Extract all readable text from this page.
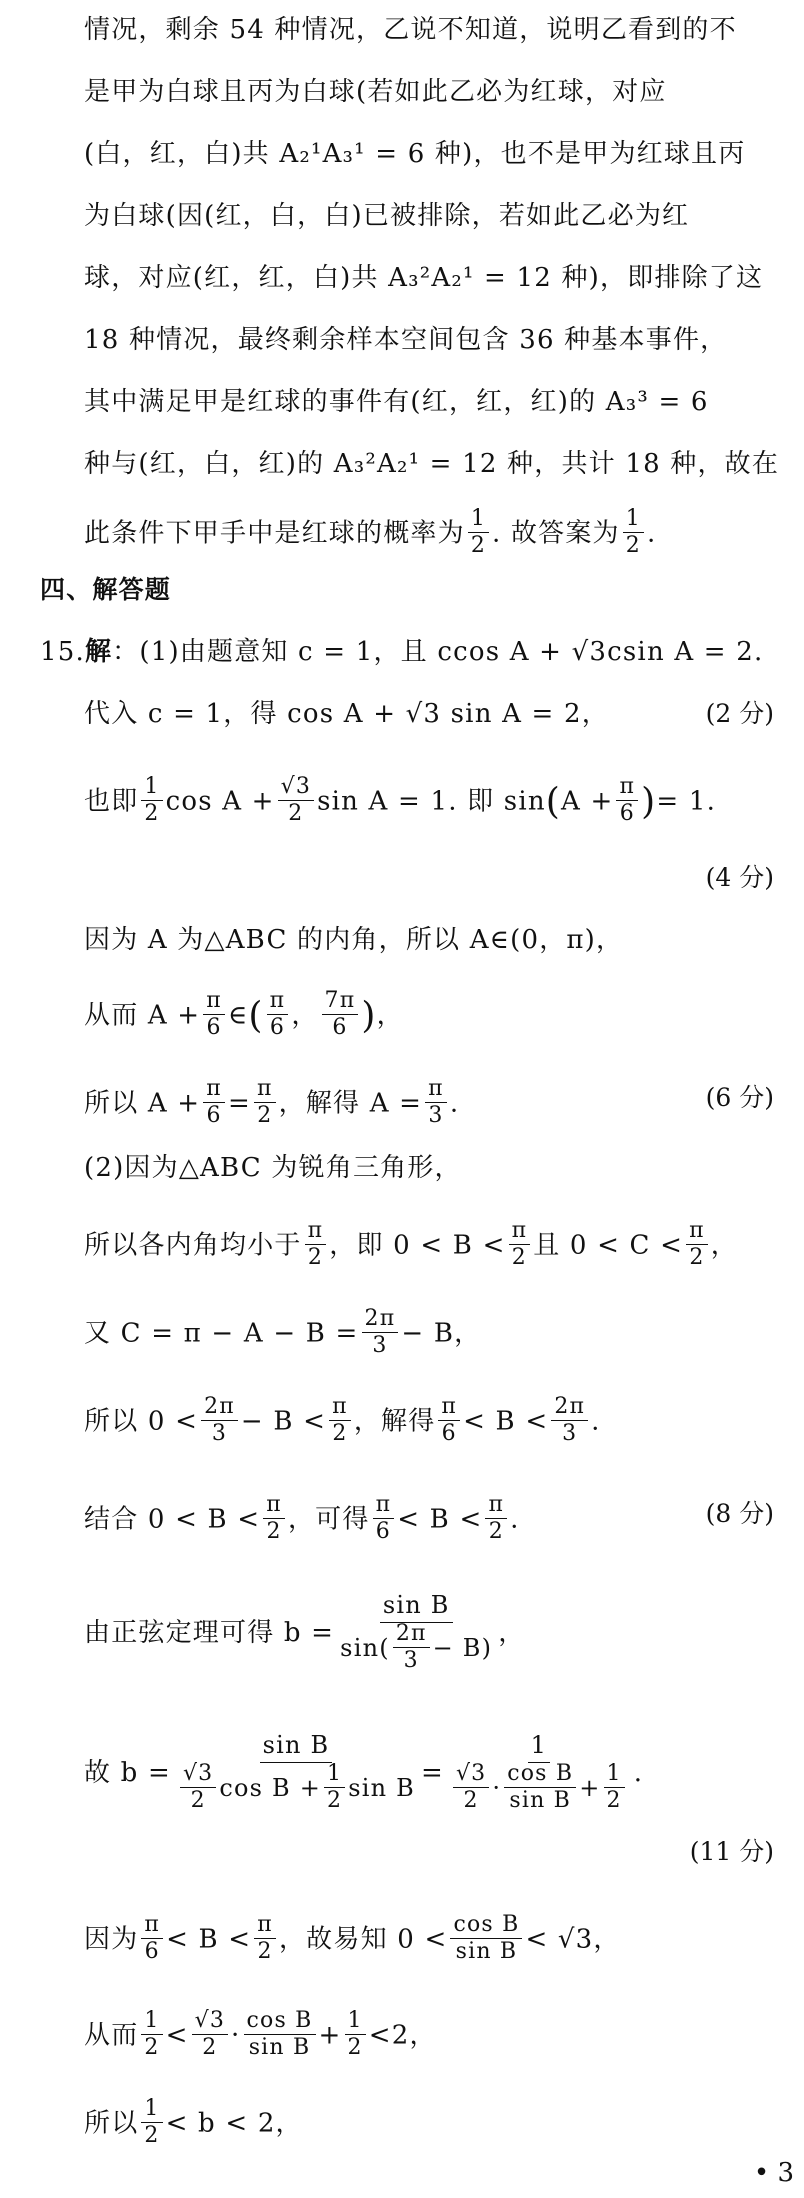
情况，剩余 54 种情况，乙说不知道，说明乙看到的不
是甲为白球且丙为白球(若如此乙必为红球，对应
(白，红，白)共 A₂¹A₃¹ = 6 种)，也不是甲为红球且丙
为白球(因(红，白，白)已被排除，若如此乙必为红
球，对应(红，红，白)共 A₃²A₂¹ = 12 种)，即排除了这
18 种情况，最终剩余样本空间包含 36 种基本事件，
其中满足甲是红球的事件有(红，红，红)的 A₃³ = 6
种与(红，白，红)的 A₃²A₂¹ = 12 种，共计 18 种，故在
此条件下甲手中是红球的概率为 $\frac{1}{2}$ . 故答案为 $\frac{1}{2}$ .
四、解答题
15.解：(1)由题意知 c = 1，且 ccos A + √3csin A = 2.
代入 c = 1，得 cos A + √3 sin A = 2，	(2 分)
也即 $\frac{1}{2}$ $\cos A + \frac{√3}{2}$ sin A = 1. 即 $\sin(A + \frac{\pi}{6}$ )= 1.
(4 分)
因为 A 为△ABC 的内角，所以 A∈(0，π)，
从而 $A + \frac{\pi}{6}$ ∈( $\frac{\pi}{6}$ ， $\frac{7\pi}{6}$ )，
所以 $A + \frac{\pi}{6} = \frac{\pi}{2}$ ，解得 $A = \frac{\pi}{3}$ .	(6 分)
(2)因为△ABC 为锐角三角形，
所以各内角均小于 $\frac{\pi}{2}$ ，即 $0 < B < \frac{\pi}{2}$ 且 $0 < C < \frac{\pi}{2}$ ，
又 $C = \pi - A - B = \frac{2\pi}{3} - B$，
所以 $0 < \frac{2\pi}{3} - B < \frac{\pi}{2}$ ，解得 $\frac{\pi}{6} < B < \frac{2\pi}{3}$ .
结合 $0 < B < \frac{\pi}{2}$ ，可得 $\frac{\pi}{6} < B < \frac{\pi}{2}$ .	(8 分)
由正弦定理可得 $b = \frac{\text{sin B}}{\sin( \frac{2\pi}{3} - B)}$ ，
故 $b = \frac{\text{sin B}}{\frac{√3}{2} \cos B + \frac{1}{2} \sin B} = \frac{1}{\frac{√3}{2} \cdot \frac{\text{cos B}}{\text{sin B}} + \frac{1}{2}}$ .
(11 分)
因为 $\frac{\pi}{6} < B < \frac{\pi}{2}$ ，故易知 $0 < \frac{\text{cos B}}{\text{sin B}} < √3$，
从而 $\frac{1}{2} < \frac{√3}{2} \cdot \frac{\text{cos B}}{\text{sin B}} + \frac{1}{2} <2$，
所以 $\frac{1}{2} < b < 2$，
• 3
